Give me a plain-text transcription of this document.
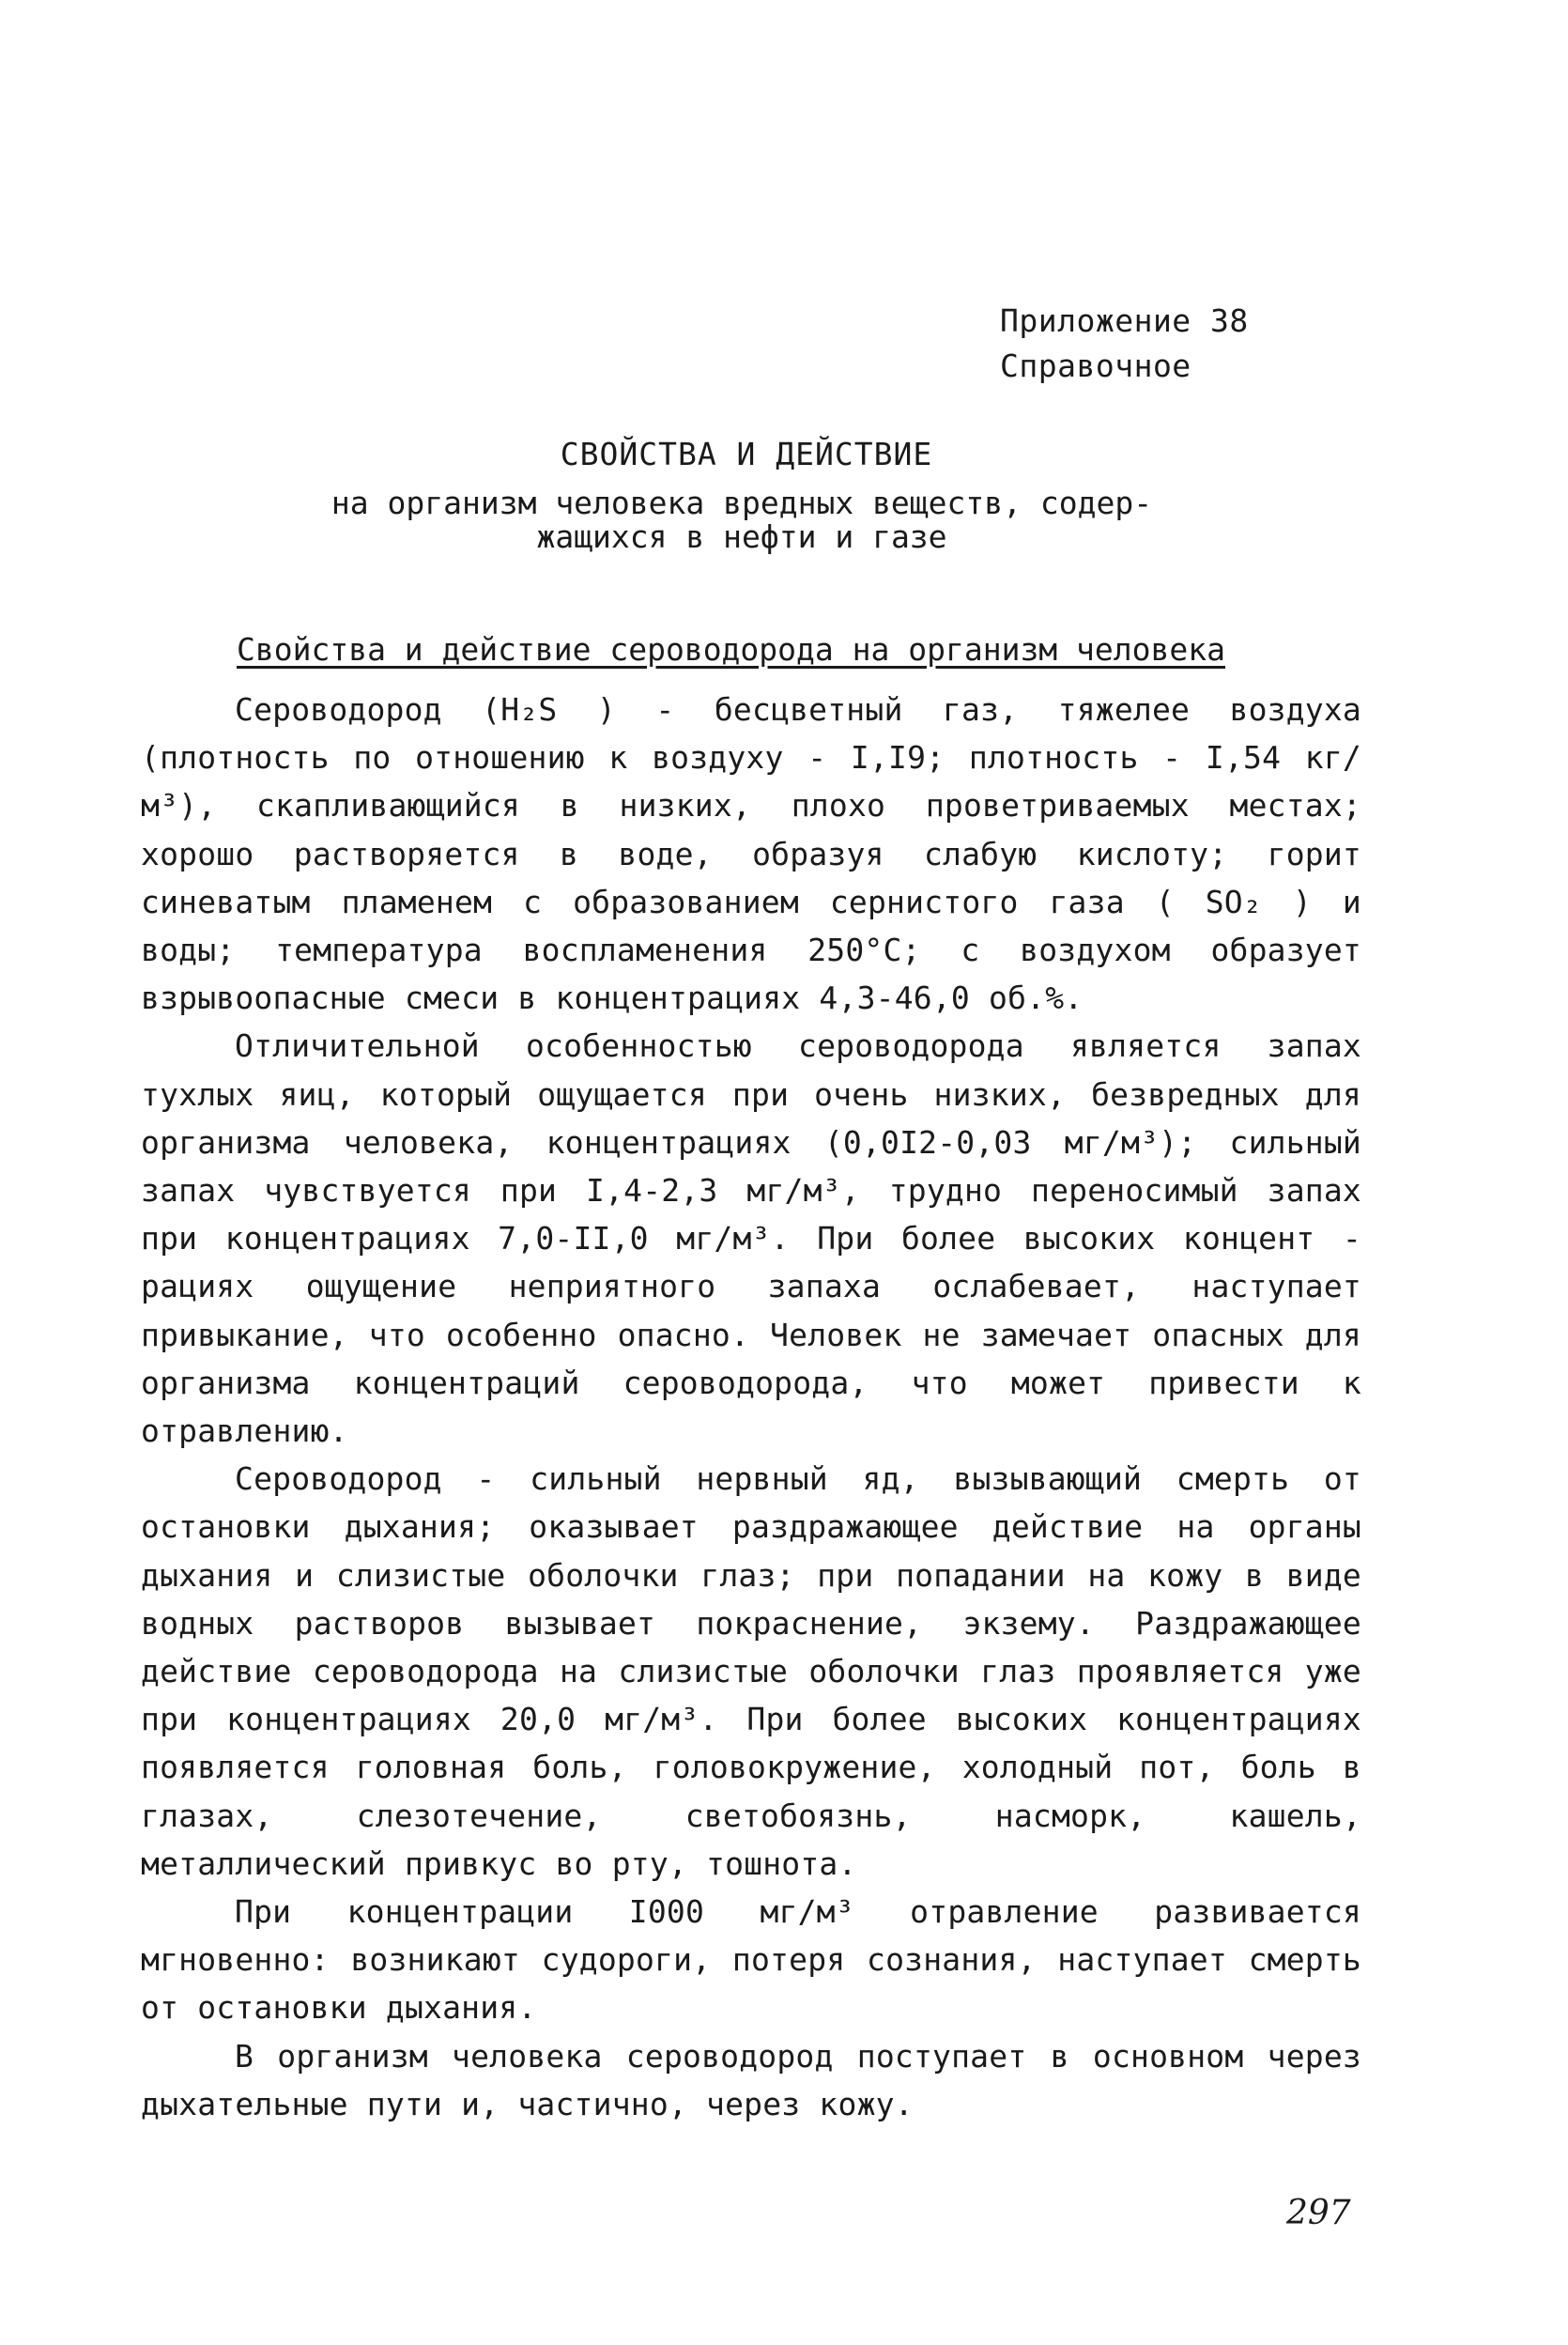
Приложение 38
Справочное
СВОЙСТВА И ДЕЙСТВИЕ
на организм человека вредных веществ, содер-
жащихся в нефти и газе
Свойства и действие сероводорода на организм человека

Сероводород (H₂S ) - бесцветный газ, тяжелее воздуха (плотность по отношению к воздуху - I,I9; плотность - I,54 кг/м³), скапливающийся в низких, плохо проветриваемых местах; хорошо растворяется в воде, образуя слабую кислоту; горит синеватым пламенем с образованием сернистого газа ( SO₂ ) и воды; температура воспламенения 250°С; с воздухом образует взрывоопасные смеси в концентрациях 4,3-46,0 об.%.

Отличительной особенностью сероводорода является запах тухлых яиц, который ощущается при очень низких, безвредных для организма человека, концентрациях (0,0I2-0,03 мг/м³); сильный запах чувствуется при I,4-2,3 мг/м³, трудно переносимый запах при концентрациях 7,0-II,0 мг/м³. При более высоких концент - рациях ощущение неприятного запаха ослабевает, наступает привыкание, что особенно опасно. Человек не замечает опасных для организма концентраций сероводорода, что может привести к отравлению.

Сероводород - сильный нервный яд, вызывающий смерть от остановки дыхания; оказывает раздражающее действие на органы дыхания и слизистые оболочки глаз; при попадании на кожу в виде водных растворов вызывает покраснение, экзему. Раздражающее действие сероводорода на слизистые оболочки глаз проявляется уже при концентрациях 20,0 мг/м³. При более высоких концентрациях появляется головная боль, головокружение, холодный пот, боль в глазах, слезотечение, светобоязнь, насморк, кашель, металлический привкус во рту, тошнота.

При концентрации I000 мг/м³ отравление развивается мгновенно: возникают судороги, потеря сознания, наступает смерть от остановки дыхания.

В организм человека сероводород поступает в основном через дыхательные пути и, частично, через кожу.

297
